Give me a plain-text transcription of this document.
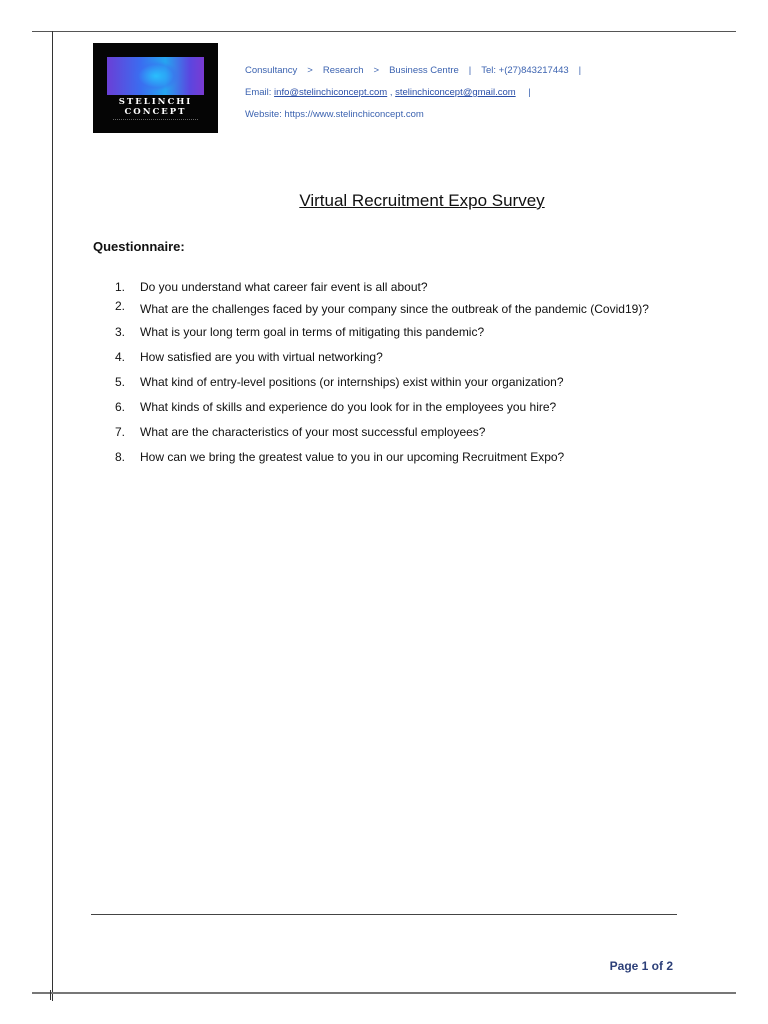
STELINCHI
CONCEPT
Consultancy > Research > Business Centre | Tel: +(27)843217443 |
Email: info@stelinchiconcept.com , stelinchiconcept@gmail.com |
Website: https://www.stelinchiconcept.com
Virtual Recruitment Expo Survey
Questionnaire:
1.	Do you understand what career fair event is all about?
2.	What are the challenges faced by your company since the outbreak of the pandemic (Covid19)?
3.	What is your long term goal in terms of mitigating this pandemic?
4.	How satisfied are you with virtual networking?
5.	What kind of entry-level positions (or internships) exist within your organization?
6.	What kinds of skills and experience do you look for in the employees you hire?
7.	What are the characteristics of your most successful employees?
8.	How can we bring the greatest value to you in our upcoming Recruitment Expo?
Page 1 of 2
